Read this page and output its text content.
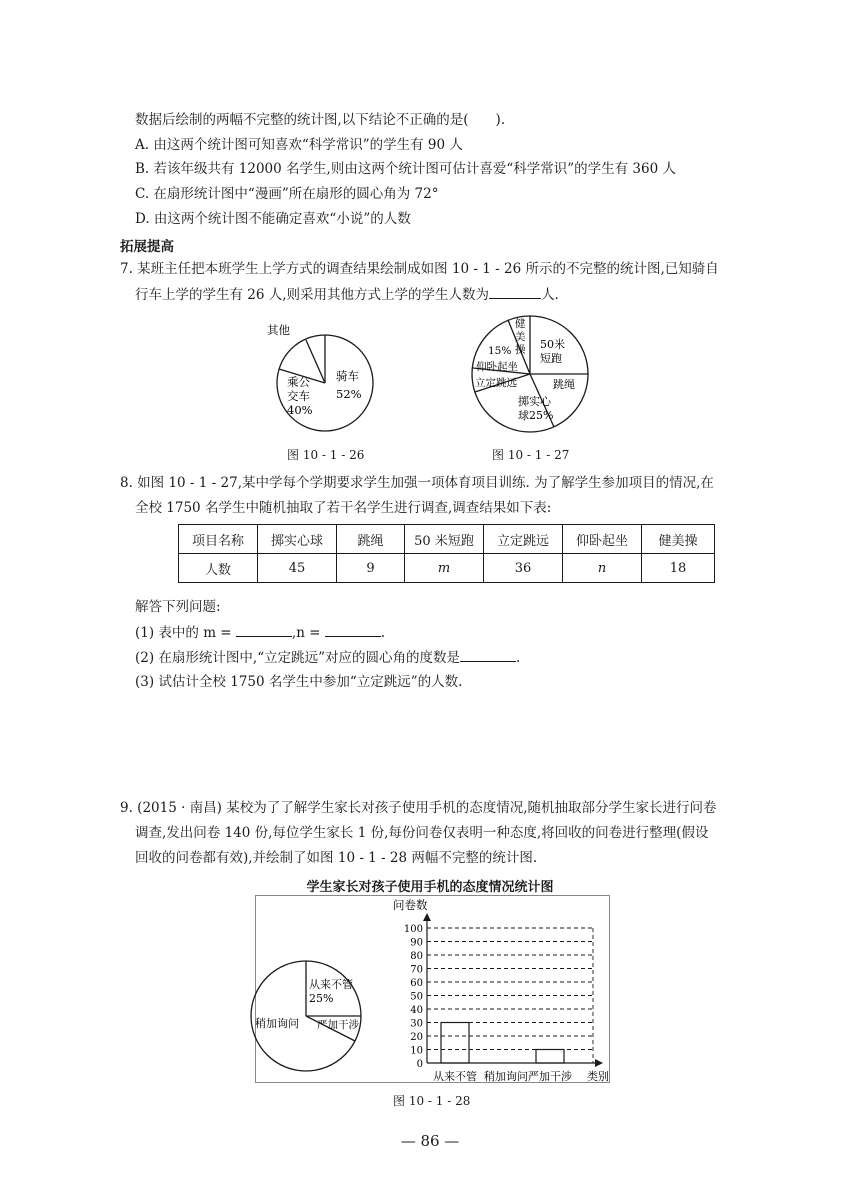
数据后绘制的两幅不完整的统计图,以下结论不正确的是(　　).
A. 由这两个统计图可知喜欢“科学常识”的学生有 90 人
B. 若该年级共有 12000 名学生,则由这两个统计图可估计喜爱“科学常识”的学生有 360 人
C. 在扇形统计图中“漫画”所在扇形的圆心角为 72°
D. 由这两个统计图不能确定喜欢“小说”的人数
拓展提高
7. 某班主任把本班学生上学方式的调查结果绘制成如图 10 - 1 - 26 所示的不完整的统计图,已知骑自
行车上学的学生有 26 人,则采用其他方式上学的学生人数为	人.
其他
骑车
52%
乘公
交车
40%
图 10 - 1 - 26
健
美
操
15%	50米
短跑
仰卧起坐
立定跳远	跳绳
掷实心
球25%
图 10 - 1 - 27
8. 如图 10 - 1 - 27,某中学每个学期要求学生加强一项体育项目训练. 为了解学生参加项目的情况,在
全校 1750 名学生中随机抽取了若干名学生进行调查,调查结果如下表:
项目名称	掷实心球	跳绳	50 米短跑	立定跳远	仰卧起坐	健美操
人数	45	9	m	36	n	18
解答下列问题:
(1) 表中的 m =	,n =	.
(2) 在扇形统计图中,“立定跳远”对应的圆心角的度数是	.
(3) 试估计全校 1750 名学生中参加“立定跳远”的人数.
9. (2015 · 南昌) 某校为了了解学生家长对孩子使用手机的态度情况,随机抽取部分学生家长进行问卷
调查,发出问卷 140 份,每位学生家长 1 份,每份问卷仅表明一种态度,将回收的问卷进行整理(假设
回收的问卷都有效),并绘制了如图 10 - 1 - 28 两幅不完整的统计图.
学生家长对孩子使用手机的态度情况统计图
从来不管
25%
稍加询问 严加干涉
问卷数
0
10
20
30
40
50
60
70
80
90
100
从来不管 稍加询问 严加干涉 类别
图 10 - 1 - 28
— 86 —
